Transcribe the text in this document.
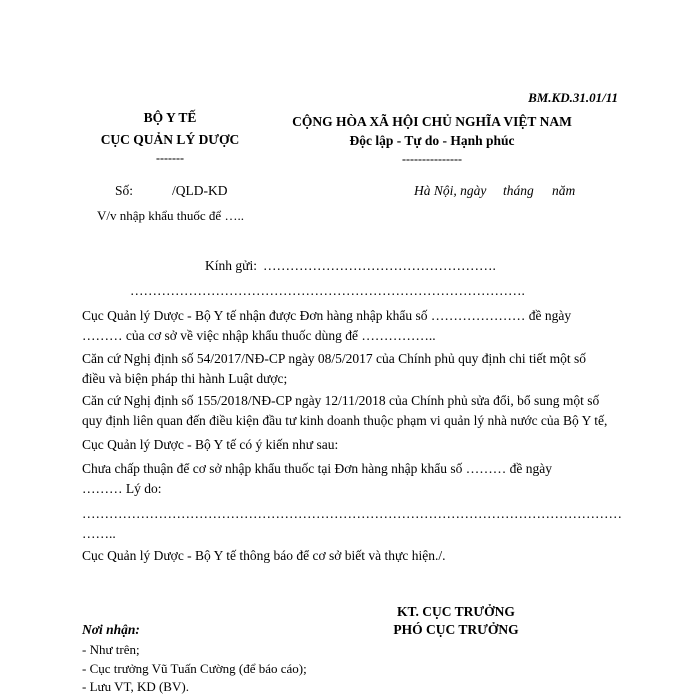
BM.KD.31.01/11
BỘ Y TẾ
CỤC QUẢN LÝ DƯỢC
-------
CỘNG HÒA XÃ HỘI CHỦ NGHĨA VIỆT NAM
Độc lập - Tự do - Hạnh phúc
---------------
Số:	/QLD-KD	Hà Nội, ngày tháng năm
V/v nhập khẩu thuốc để …..
Kính gửi: …………………………………………….
…………………………………………………………………………….

Cục Quản lý Dược - Bộ Y tế nhận được Đơn hàng nhập khẩu số ………………… đề ngày

……… của cơ sở về việc nhập khẩu thuốc dùng để ……………..

Căn cứ Nghị định số 54/2017/NĐ-CP ngày 08/5/2017 của Chính phủ quy định chi tiết một số

điều và biện pháp thi hành Luật dược;

Căn cứ Nghị định số 155/2018/NĐ-CP ngày 12/11/2018 của Chính phủ sửa đổi, bổ sung một số

quy định liên quan đến điều kiện đầu tư kinh doanh thuộc phạm vi quản lý nhà nước của Bộ Y tế,

Cục Quản lý Dược - Bộ Y tế có ý kiến như sau:

Chưa chấp thuận để cơ sở nhập khẩu thuốc tại Đơn hàng nhập khẩu số ……… đề ngày

……… Lý do:

…………………………………………………………………………………………………………

……..

Cục Quản lý Dược - Bộ Y tế thông báo để cơ sở biết và thực hiện./.

KT. CỤC TRƯỞNG
PHÓ CỤC TRƯỞNG
Nơi nhận:
- Như trên;
- Cục trưởng Vũ Tuấn Cường (để báo cáo);
- Lưu VT, KD (BV).
